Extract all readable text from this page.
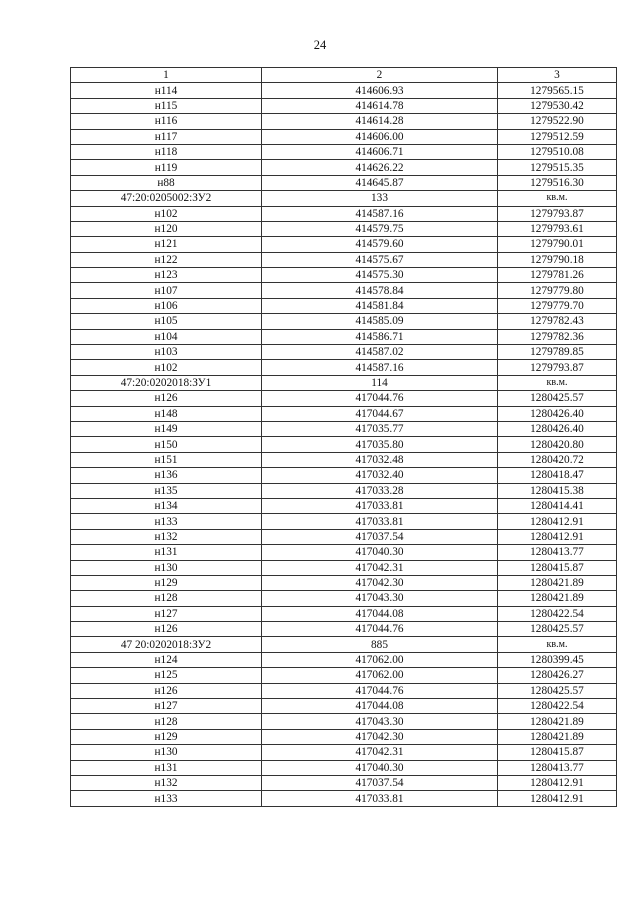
24
1	2	3
н114	414606.93	1279565.15
н115	414614.78	1279530.42
н116	414614.28	1279522.90
н117	414606.00	1279512.59
н118	414606.71	1279510.08
н119	414626.22	1279515.35
н88	414645.87	1279516.30
47:20:0205002:ЗУ2	133	кв.м.
н102	414587.16	1279793.87
н120	414579.75	1279793.61
н121	414579.60	1279790.01
н122	414575.67	1279790.18
н123	414575.30	1279781.26
н107	414578.84	1279779.80
н106	414581.84	1279779.70
н105	414585.09	1279782.43
н104	414586.71	1279782.36
н103	414587.02	1279789.85
н102	414587.16	1279793.87
47:20:0202018:ЗУ1	114	кв.м.
н126	417044.76	1280425.57
н148	417044.67	1280426.40
н149	417035.77	1280426.40
н150	417035.80	1280420.80
н151	417032.48	1280420.72
н136	417032.40	1280418.47
н135	417033.28	1280415.38
н134	417033.81	1280414.41
н133	417033.81	1280412.91
н132	417037.54	1280412.91
н131	417040.30	1280413.77
н130	417042.31	1280415.87
н129	417042.30	1280421.89
н128	417043.30	1280421.89
н127	417044.08	1280422.54
н126	417044.76	1280425.57
47 20:0202018:ЗУ2	885	кв.м.
н124	417062.00	1280399.45
н125	417062.00	1280426.27
н126	417044.76	1280425.57
н127	417044.08	1280422.54
н128	417043.30	1280421.89
н129	417042.30	1280421.89
н130	417042.31	1280415.87
н131	417040.30	1280413.77
н132	417037.54	1280412.91
н133	417033.81	1280412.91
